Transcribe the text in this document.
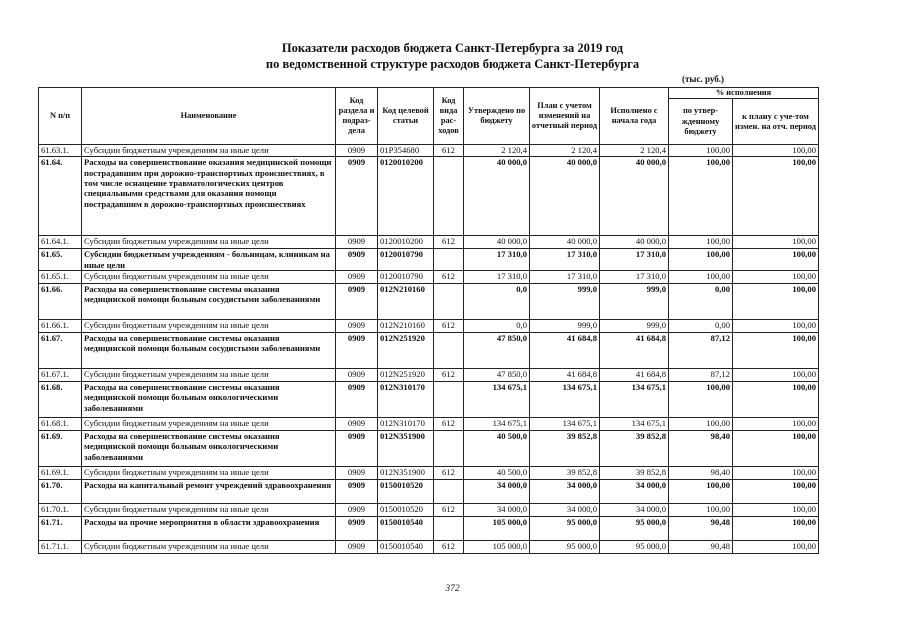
Показатели расходов бюджета Санкт-Петербурга за 2019 год
по ведомственной структуре расходов бюджета Санкт-Петербурга
(тыс. руб.)
N п/п	Наименование	Код раздела и подраз-дела	Код целевой статьи	Код вида рас-ходов	Утверждено по бюджету	План с учетом изменений на отчетный период	Исполнено с начала года	% исполнения	
								по утвер-жденному бюджету	к плану с уче-том измен. на отч. период
61.63.1.	Субсидии бюджетным учреждениям на иные цели	0909	01Р354680	612	2 120,4	2 120,4	2 120,4	100,00	100,00
61.64.	Расходы на совершенствование оказания медицинской помощи пострадавшим при дорожно-транспортных происшествиях, в том числе оснащение травматологических центров специальными средствами для оказания помощи пострадавшим в дорожно-транспортных происшествиях	0909	0120010200		40 000,0	40 000,0	40 000,0	100,00	100,00
61.64.1.	Субсидии бюджетным учреждениям на иные цели	0909	0120010200	612	40 000,0	40 000,0	40 000,0	100,00	100,00
61.65.	Субсидии бюджетным учреждениям - больницам, клиникам на иные цели	0909	0120010790		17 310,0	17 310,0	17 310,0	100,00	100,00
61.65.1.	Субсидии бюджетным учреждениям на иные цели	0909	0120010790	612	17 310,0	17 310,0	17 310,0	100,00	100,00
61.66.	Расходы на совершенствование системы оказания медицинской помощи больным сосудистыми заболеваниями	0909	012N210160		0,0	999,0	999,0	0,00	100,00
61.66.1.	Субсидии бюджетным учреждениям на иные цели	0909	012N210160	612	0,0	999,0	999,0	0,00	100,00
61.67.	Расходы на совершенствование системы оказания медицинской помощи больным сосудистыми заболеваниями	0909	012N251920		47 850,0	41 684,8	41 684,8	87,12	100,00
61.67.1.	Субсидии бюджетным учреждениям на иные цели	0909	012N251920	612	47 850,0	41 684,8	41 684,8	87,12	100,00
61.68.	Расходы на совершенствование системы оказания медицинской помощи больным онкологическими заболеваниями	0909	012N310170		134 675,1	134 675,1	134 675,1	100,00	100,00
61.68.1.	Субсидии бюджетным учреждениям на иные цели	0909	012N310170	612	134 675,1	134 675,1	134 675,1	100,00	100,00
61.69.	Расходы на совершенствование системы оказания медицинской помощи больным онкологическими заболеваниями	0909	012N351900		40 500,0	39 852,8	39 852,8	98,40	100,00
61.69.1.	Субсидии бюджетным учреждениям на иные цели	0909	012N351900	612	40 500,0	39 852,8	39 852,8	98,40	100,00
61.70.	Расходы на капитальный ремонт учреждений здравоохранения	0909	0150010520		34 000,0	34 000,0	34 000,0	100,00	100,00
61.70.1.	Субсидии бюджетным учреждениям на иные цели	0909	0150010520	612	34 000,0	34 000,0	34 000,0	100,00	100,00
61.71.	Расходы на прочие мероприятия в области здравоохранения	0909	0150010540		105 000,0	95 000,0	95 000,0	90,48	100,00
61.71.1.	Субсидии бюджетным учреждениям на иные цели	0909	0150010540	612	105 000,0	95 000,0	95 000,0	90,48	100,00
372
